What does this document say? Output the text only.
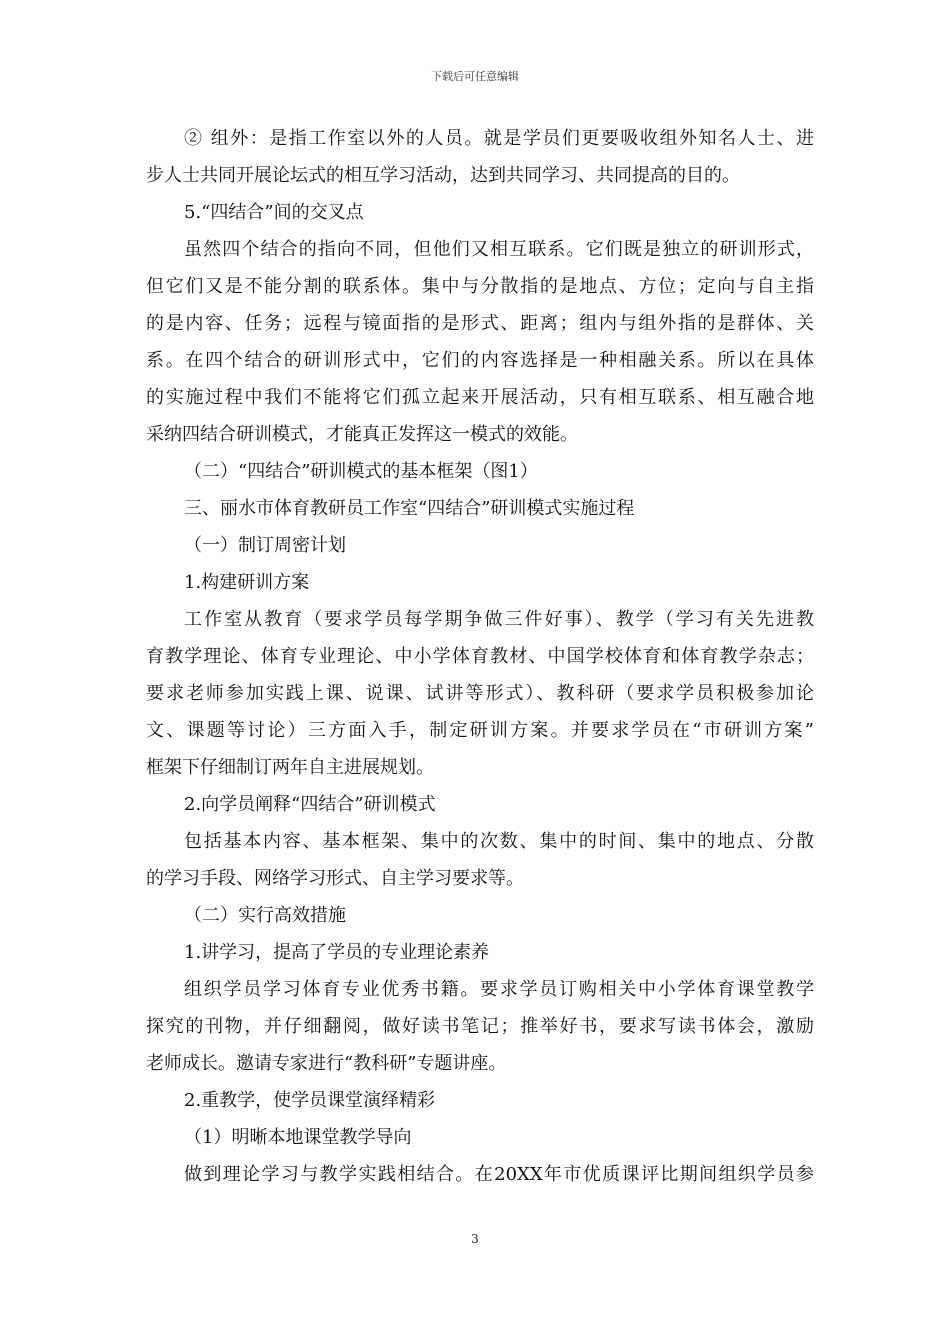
下载后可任意编辑
② 组外：是指工作室以外的人员。就是学员们更要吸收组外知名人士、进
步人士共同开展论坛式的相互学习活动，达到共同学习、共同提高的目的。
5.“四结合”间的交叉点
虽然四个结合的指向不同，但他们又相互联系。它们既是独立的研训形式，
但它们又是不能分割的联系体。集中与分散指的是地点、方位；定向与自主指
的是内容、任务；远程与镜面指的是形式、距离；组内与组外指的是群体、关
系。在四个结合的研训形式中，它们的内容选择是一种相融关系。所以在具体
的实施过程中我们不能将它们孤立起来开展活动，只有相互联系、相互融合地
采纳四结合研训模式，才能真正发挥这一模式的效能。
（二）“四结合”研训模式的基本框架（图1）
三、丽水市体育教研员工作室“四结合”研训模式实施过程
（一）制订周密计划
1.构建研训方案
工作室从教育（要求学员每学期争做三件好事）、教学（学习有关先进教
育教学理论、体育专业理论、中小学体育教材、中国学校体育和体育教学杂志；
要求老师参加实践上课、说课、试讲等形式）、教科研（要求学员积极参加论
文、课题等讨论）三方面入手，制定研训方案。并要求学员在“市研训方案”
框架下仔细制订两年自主进展规划。
2.向学员阐释“四结合”研训模式
包括基本内容、基本框架、集中的次数、集中的时间、集中的地点、分散
的学习手段、网络学习形式、自主学习要求等。
（二）实行高效措施
1.讲学习，提高了学员的专业理论素养
组织学员学习体育专业优秀书籍。要求学员订购相关中小学体育课堂教学
探究的刊物，并仔细翻阅，做好读书笔记；推举好书，要求写读书体会，激励
老师成长。邀请专家进行“教科研”专题讲座。
2.重教学，使学员课堂演绎精彩
（1）明晰本地课堂教学导向
做到理论学习与教学实践相结合。在20XX年市优质课评比期间组织学员参
3
